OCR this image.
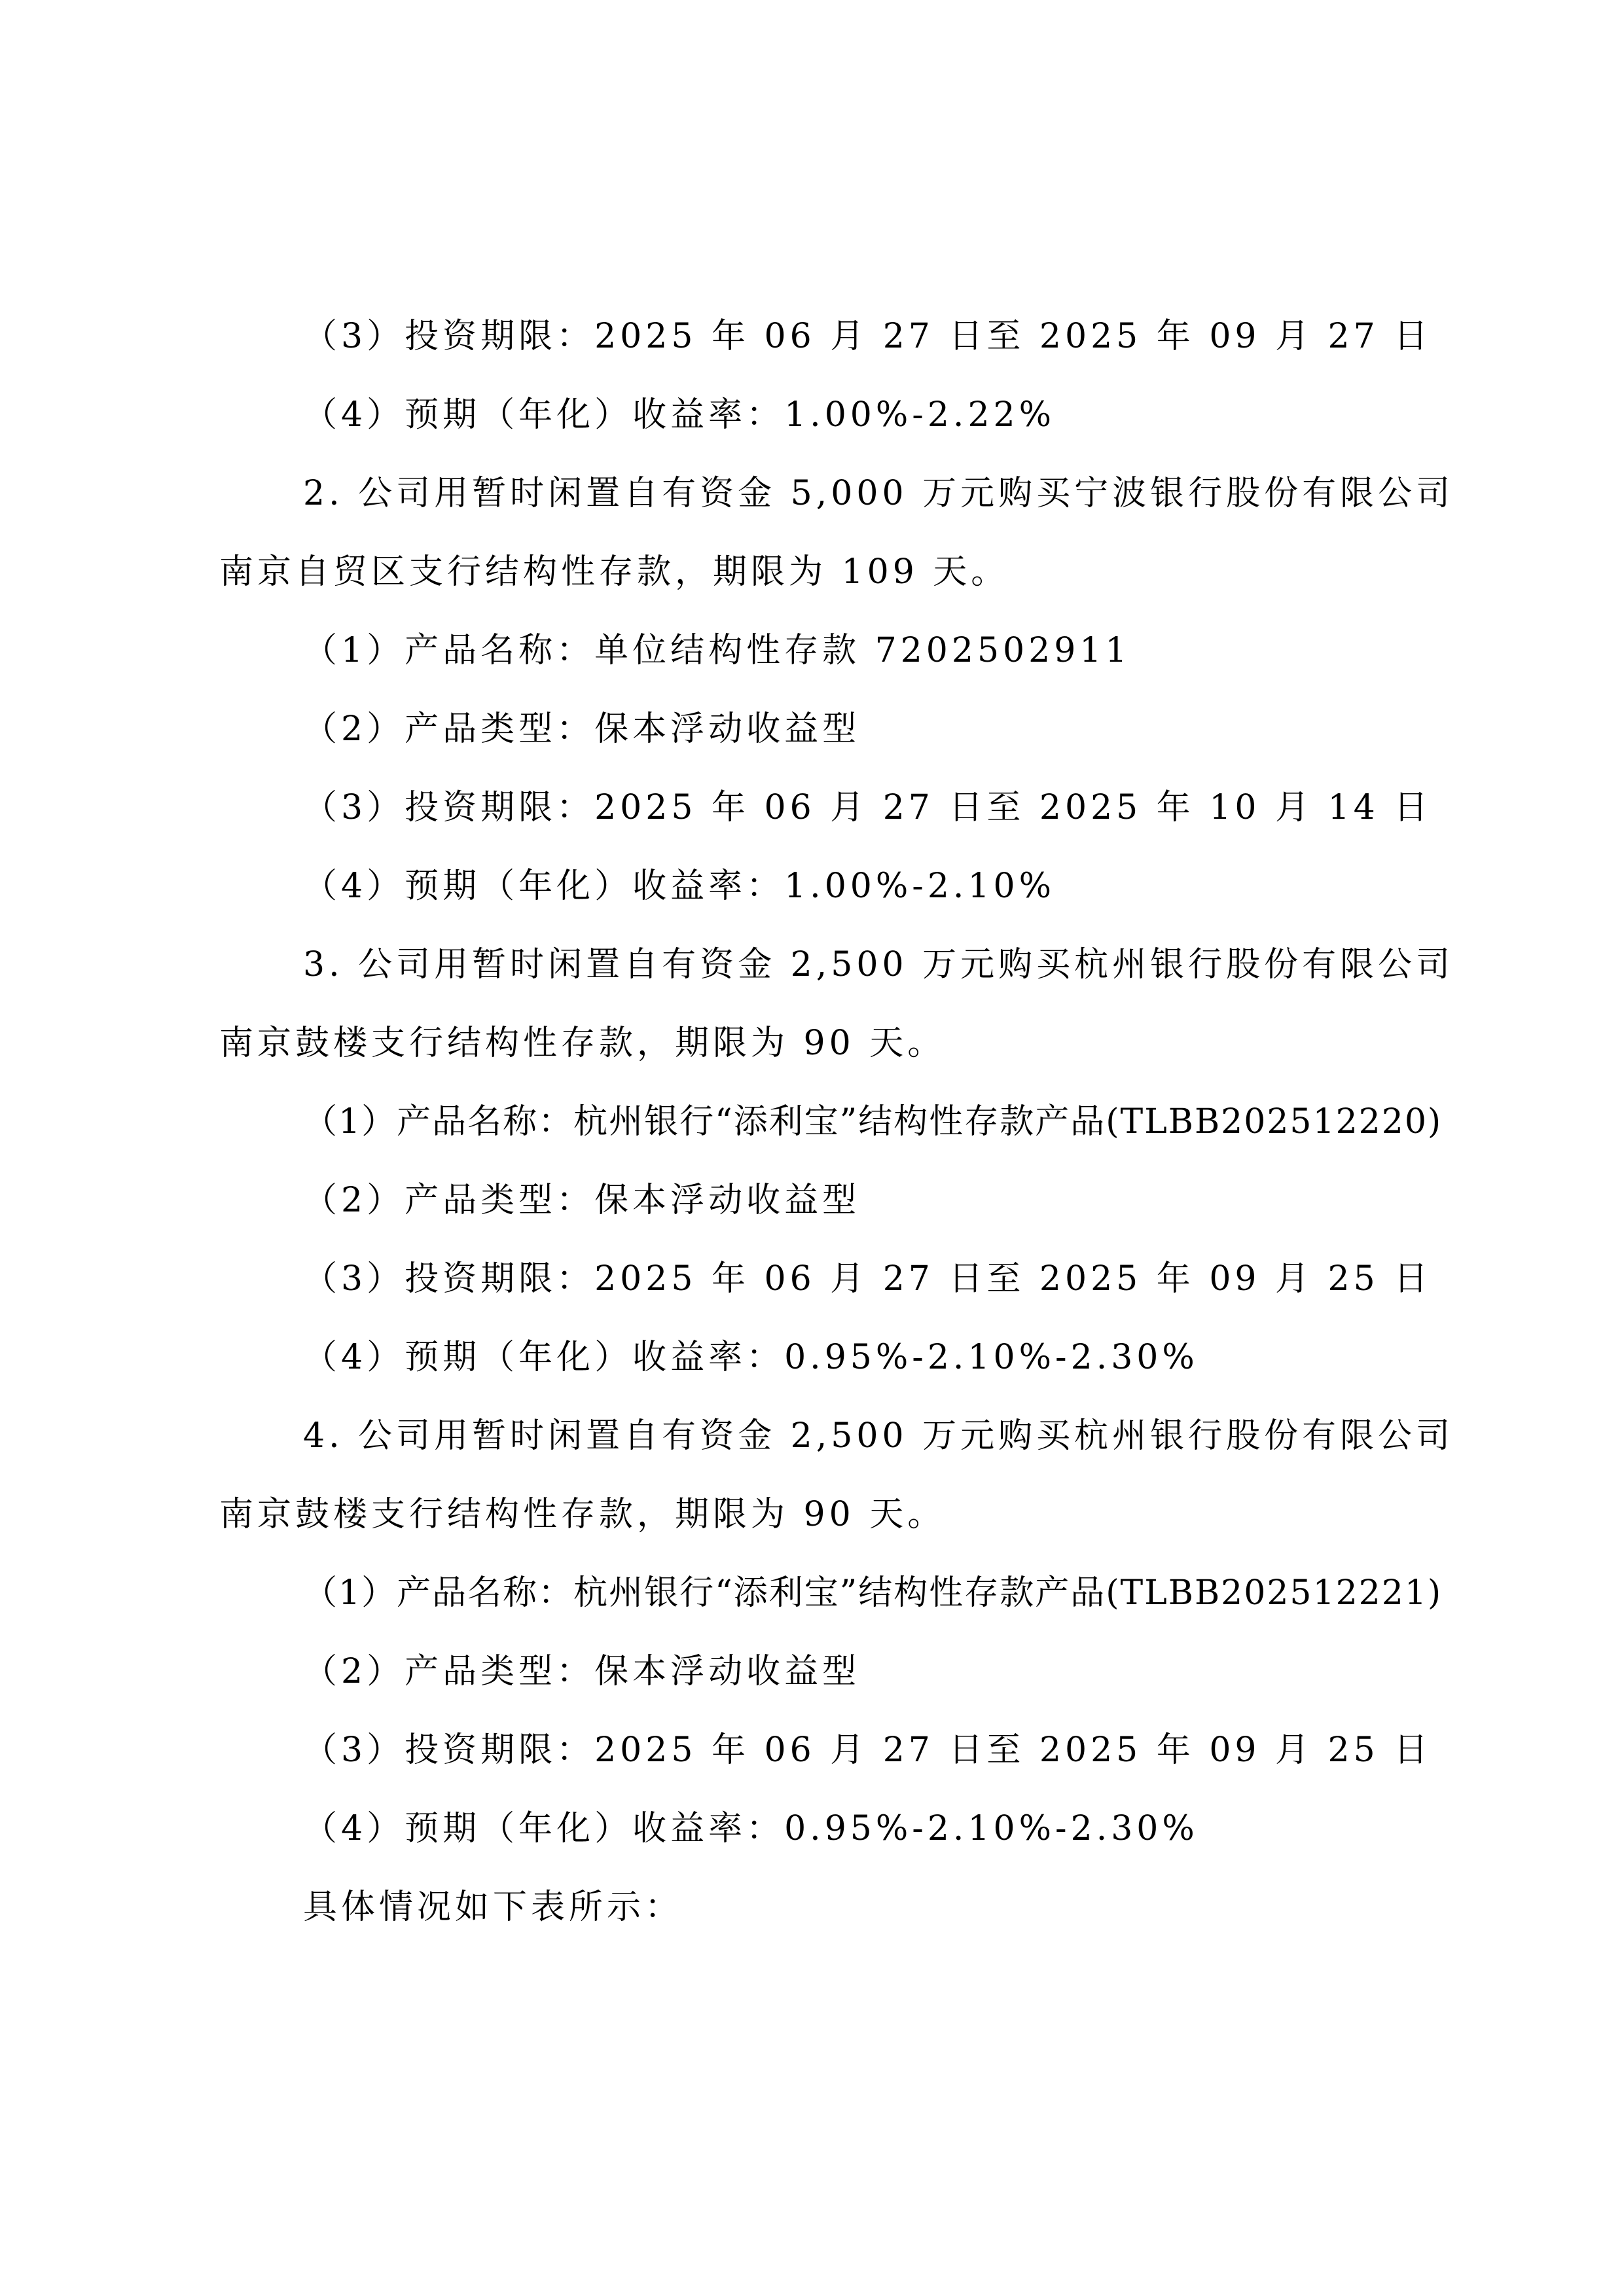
（3）投资期限：2025 年 06 月 27 日至 2025 年 09 月 27 日
（4）预期（年化）收益率：1.00%-2.22%
2. 公司用暂时闲置自有资金 5,000 万元购买宁波银行股份有限公司
南京自贸区支行结构性存款，期限为 109 天。
（1）产品名称：单位结构性存款 7202502911
（2）产品类型：保本浮动收益型
（3）投资期限：2025 年 06 月 27 日至 2025 年 10 月 14 日
（4）预期（年化）收益率：1.00%-2.10%
3. 公司用暂时闲置自有资金 2,500 万元购买杭州银行股份有限公司
南京鼓楼支行结构性存款，期限为 90 天。
（1）产品名称：杭州银行“添利宝”结构性存款产品(TLBB202512220)
（2）产品类型：保本浮动收益型
（3）投资期限：2025 年 06 月 27 日至 2025 年 09 月 25 日
（4）预期（年化）收益率：0.95%-2.10%-2.30%
4. 公司用暂时闲置自有资金 2,500 万元购买杭州银行股份有限公司
南京鼓楼支行结构性存款，期限为 90 天。
（1）产品名称：杭州银行“添利宝”结构性存款产品(TLBB202512221)
（2）产品类型：保本浮动收益型
（3）投资期限：2025 年 06 月 27 日至 2025 年 09 月 25 日
（4）预期（年化）收益率：0.95%-2.10%-2.30%
具体情况如下表所示：
